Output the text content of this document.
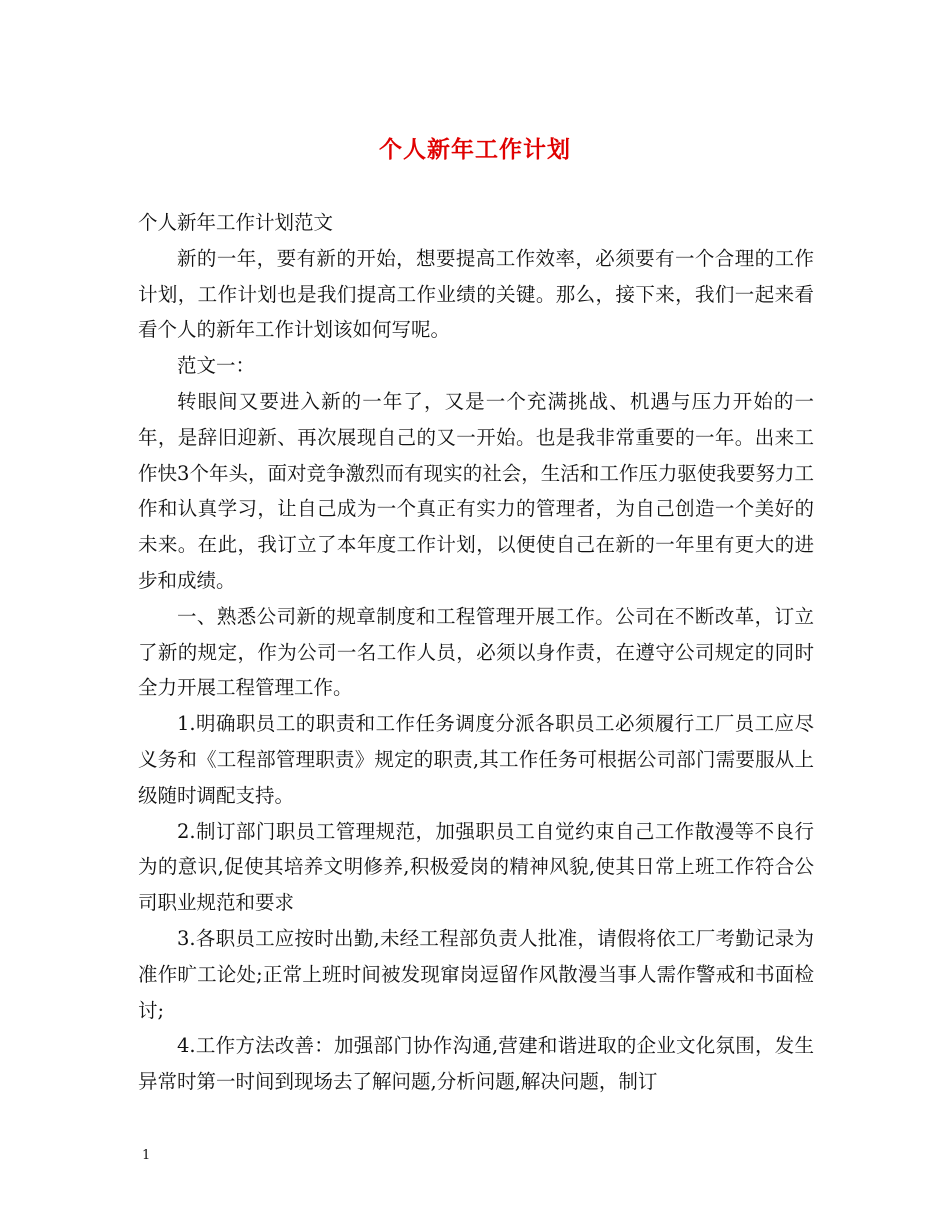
个人新年工作计划

个人新年工作计划范文

新的一年，要有新的开始，想要提高工作效率，必须要有一个合理的工作计划，工作计划也是我们提高工作业绩的关键。那么，接下来，我们一起来看看个人的新年工作计划该如何写呢。

范文一：

转眼间又要进入新的一年了，又是一个充满挑战、机遇与压力开始的一年，是辞旧迎新、再次展现自己的又一开始。也是我非常重要的一年。出来工作快3个年头，面对竞争激烈而有现实的社会，生活和工作压力驱使我要努力工作和认真学习，让自己成为一个真正有实力的管理者，为自己创造一个美好的未来。在此，我订立了本年度工作计划，以便使自己在新的一年里有更大的进步和成绩。

一、熟悉公司新的规章制度和工程管理开展工作。公司在不断改革，订立了新的规定，作为公司一名工作人员，必须以身作责，在遵守公司规定的同时全力开展工程管理工作。

1.明确职员工的职责和工作任务调度分派各职员工必须履行工厂员工应尽义务和《工程部管理职责》规定的职责,其工作任务可根据公司部门需要服从上级随时调配支持。

2.制订部门职员工管理规范，加强职员工自觉约束自己工作散漫等不良行为的意识,促使其培养文明修养,积极爱岗的精神风貌,使其日常上班工作符合公司职业规范和要求

3.各职员工应按时出勤,未经工程部负责人批准，请假将依工厂考勤记录为准作旷工论处;正常上班时间被发现窜岗逗留作风散漫当事人需作警戒和书面检讨;

4.工作方法改善：加强部门协作沟通,营建和谐进取的企业文化氛围，发生异常时第一时间到现场去了解问题,分析问题,解决问题，制订

1
